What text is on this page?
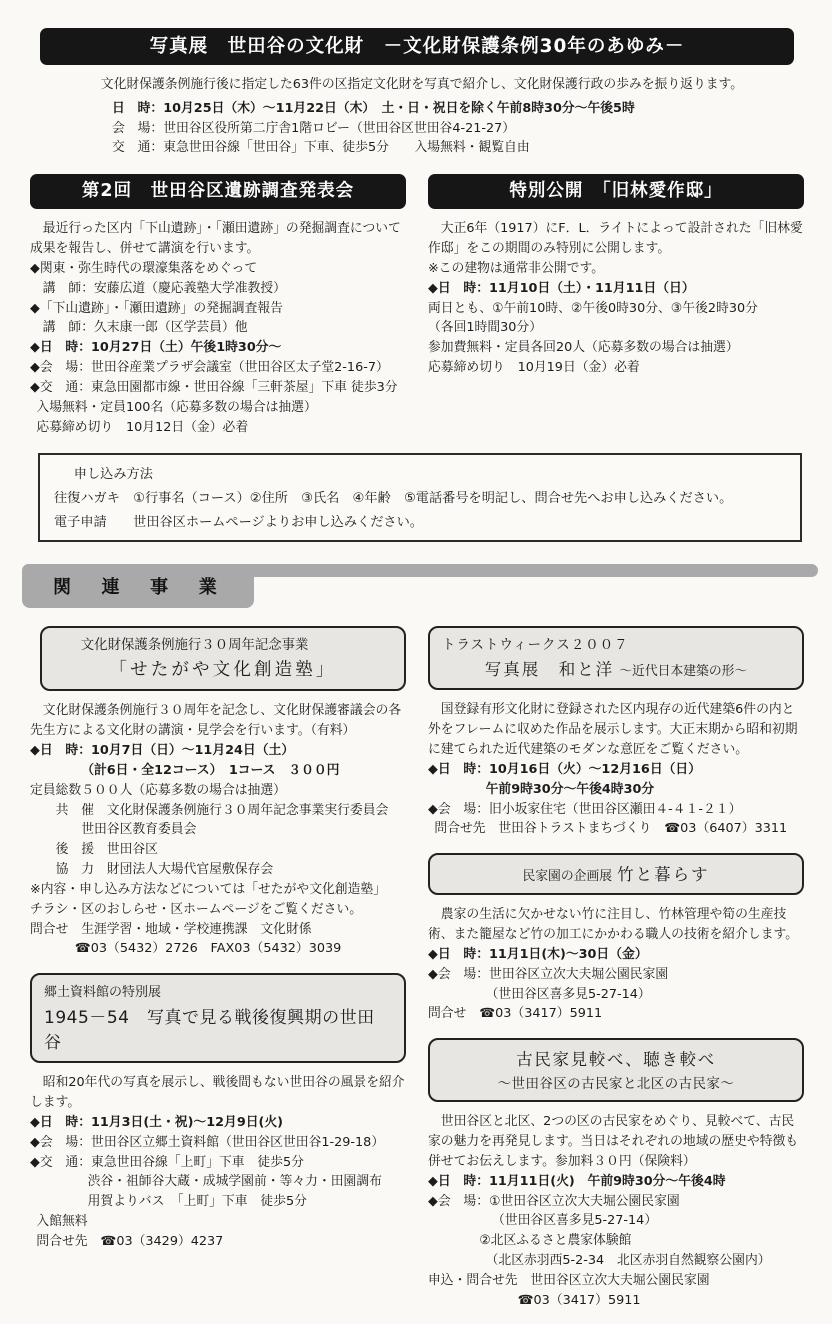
写真展　世田谷の文化財　－文化財保護条例30年のあゆみ－
文化財保護条例施行後に指定した63件の区指定文化財を写真で紹介し、文化財保護行政の歩みを振り返ります。
日　時：10月25日（木）～11月22日（木）　土・日・祝日を除く午前8時30分～午後5時
会　場：世田谷区役所第二庁舎1階ロビー（世田谷区世田谷4-21-27）
交　通：東急世田谷線「世田谷」下車、徒歩5分　　入場無料・観覧自由
第2回　世田谷区遺跡調査発表会
最近行った区内「下山遺跡」・「瀬田遺跡」の発掘調査について成果を報告し、併せて講演を行います。
◆関東・弥生時代の環濠集落をめぐって
講　師：安藤広道（慶応義塾大学准教授）
◆「下山遺跡」・「瀬田遺跡」の発掘調査報告
講　師：久末康一郎（区学芸員）他
◆日　時：10月27日（土）午後1時30分～
◆会　場：世田谷産業プラザ会議室（世田谷区太子堂2-16-7）
◆交　通：東急田園都市線・世田谷線「三軒茶屋」下車 徒歩3分
入場無料・定員100名（応募多数の場合は抽選）
応募締め切り　10月12日（金）必着
特別公開　「旧林愛作邸」
大正6年（1917）にF．L．ライトによって設計された「旧林愛作邸」をこの期間のみ特別に公開します。
※この建物は通常非公開です。
◆日　時：11月10日（土）・11月11日（日）
両日とも、①午前10時、②午後0時30分、③午後2時30分
（各回1時間30分）
参加費無料・定員各回20人（応募多数の場合は抽選）
応募締め切り　10月19日（金）必着
申し込み方法
往復ハガキ　①行事名（コース）②住所　③氏名　④年齢　⑤電話番号を明記し、問合せ先へお申し込みください。
電子申請　　世田谷区ホームページよりお申し込みください。
関　連　事　業
文化財保護条例施行３０周年記念事業
「せたがや文化創造塾」
文化財保護条例施行３０周年を記念し、文化財保護審議会の各先生方による文化財の講演・見学会を行います。（有料）
◆日　時：10月7日（日）～11月24日（土）
（計6日・全12コース）　1コース　３００円
定員総数５００人（応募多数の場合は抽選）
共　催　文化財保護条例施行３０周年記念事業実行委員会
世田谷区教育委員会
後　援　世田谷区
協　力　財団法人大場代官屋敷保存会
※内容・申し込み方法などについては「せたがや文化創造塾」
チラシ・区のおしらせ・区ホームページをご覧ください。
問合せ　生涯学習・地域・学校連携課　文化財係
☎03（5432）2726　FAX03（5432）3039
郷土資料館の特別展
1945－54　写真で見る戦後復興期の世田谷
昭和20年代の写真を展示し、戦後間もない世田谷の風景を紹介します。
◆日　時：11月3日(土・祝)～12月9日(火)
◆会　場：世田谷区立郷土資料館（世田谷区世田谷1-29-18）
◆交　通：東急世田谷線「上町」下車　徒歩5分
渋谷・祖師谷大蔵・成城学園前・等々力・田園調布
用賀よりバス　「上町」下車　徒歩5分
入館無料
問合せ先　☎03（3429）4237
トラストウィークス２００７
写真展　和と洋 ～近代日本建築の形～
国登録有形文化財に登録された区内現存の近代建築6件の内と外をフレームに収めた作品を展示します。大正末期から昭和初期に建てられた近代建築のモダンな意匠をご覧ください。
◆日　時：10月16日（火）～12月16日（日）
午前9時30分～午後4時30分
◆会　場：旧小坂家住宅（世田谷区瀬田４-４１-２１）
問合せ先　世田谷トラストまちづくり　☎03（6407）3311
民家園の企画展 竹と暮らす
農家の生活に欠かせない竹に注目し、竹林管理や筍の生産技術、また籠屋など竹の加工にかかわる職人の技術を紹介します。
◆日　時：11月1日(木)～30日（金）
◆会　場：世田谷区立次大夫堀公園民家園
（世田谷区喜多見5-27-14）
問合せ　☎03（3417）5911
古民家見較べ、聴き較べ
～世田谷区の古民家と北区の古民家～
世田谷区と北区、2つの区の古民家をめぐり、見較べて、古民家の魅力を再発見します。当日はそれぞれの地域の歴史や特徴も併せてお伝えします。参加料３０円（保険料）
◆日　時：11月11日(火)　午前9時30分～午後4時
◆会　場：①世田谷区立次大夫堀公園民家園
（世田谷区喜多見5-27-14）
②北区ふるさと農家体験館
（北区赤羽西5-2-34　北区赤羽自然観察公園内）
申込・問合せ先　世田谷区立次大夫堀公園民家園
☎03（3417）5911
